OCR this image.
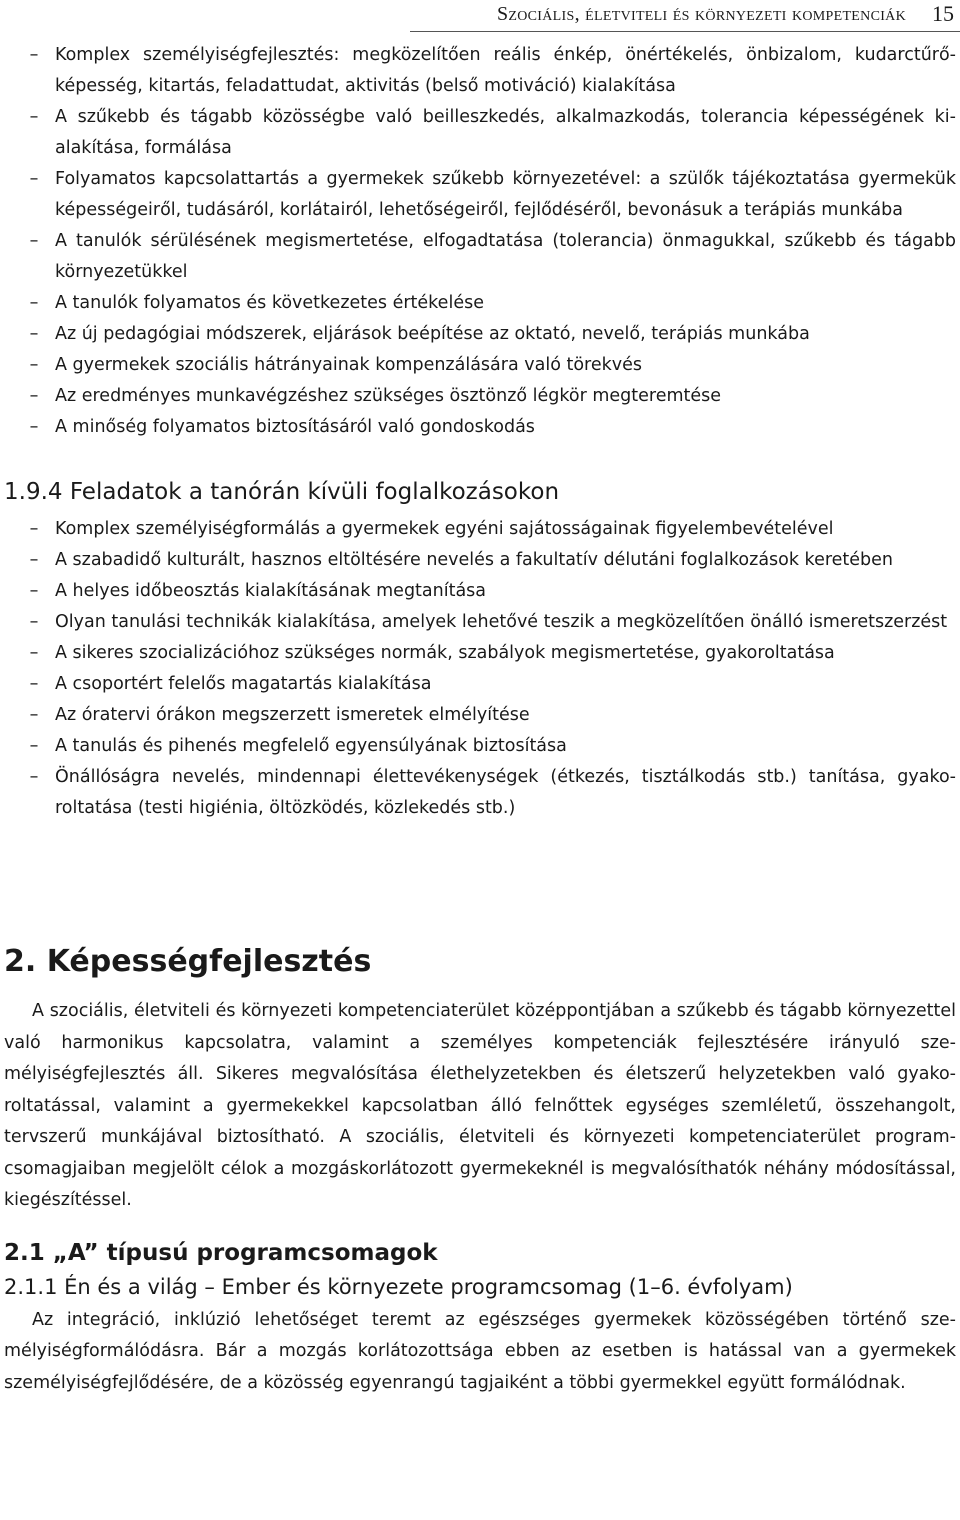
Szociális, életviteli és környezeti kompetenciák 15
– Komplex személyiségfejlesztés: megközelítően reális énkép, önértékelés, önbizalom, kudarctűrő-képesség, kitartás, feladattudat, aktivitás (belső motiváció) kialakítása
– A szűkebb és tágabb közösségbe való beilleszkedés, alkalmazkodás, tolerancia képességének kialakítása, formálása
– Folyamatos kapcsolattartás a gyermekek szűkebb környezetével: a szülők tájékoztatása gyermekük képességeiről, tudásáról, korlátairól, lehetőségeiről, fejlődéséről, bevonásuk a terápiás munkába
– A tanulók sérülésének megismertetése, elfogadtatása (tolerancia) önmagukkal, szűkebb és tágabb környezetükkel
– A tanulók folyamatos és következetes értékelése
– Az új pedagógiai módszerek, eljárások beépítése az oktató, nevelő, terápiás munkába
– A gyermekek szociális hátrányainak kompenzálására való törekvés
– Az eredményes munkavégzéshez szükséges ösztönző légkör megteremtése
– A minőség folyamatos biztosításáról való gondoskodás
1.9.4 Feladatok a tanórán kívüli foglalkozásokon
– Komplex személyiségformálás a gyermekek egyéni sajátosságainak figyelembevételével
– A szabadidő kulturált, hasznos eltöltésére nevelés a fakultatív délutáni foglalkozások keretében
– A helyes időbeosztás kialakításának megtanítása
– Olyan tanulási technikák kialakítása, amelyek lehetővé teszik a megközelítően önálló ismeretszerzést
– A sikeres szocializációhoz szükséges normák, szabályok megismertetése, gyakoroltatása
– A csoportért felelős magatartás kialakítása
– Az óratervi órákon megszerzett ismeretek elmélyítése
– A tanulás és pihenés megfelelő egyensúlyának biztosítása
– Önállóságra nevelés, mindennapi élettevékenységek (étkezés, tisztálkodás stb.) tanítása, gyakoroltatása (testi higiénia, öltözködés, közlekedés stb.)
2. Képességfejlesztés

A szociális, életviteli és környezeti kompetenciaterület középpontjában a szűkebb és tágabb környezettel való harmonikus kapcsolatra, valamint a személyes kompetenciák fejlesztésére irányuló személyiségfejlesztés áll. Sikeres megvalósítása élethelyzetekben és életszerű helyzetekben való gyakoroltatással, valamint a gyermekekkel kapcsolatban álló felnőttek egységes szemléletű, összehangolt, tervszerű munkájával biztosítható. A szociális, életviteli és környezeti kompetenciaterület programcsomagjaiban megjelölt célok a mozgáskorlátozott gyermekeknél is megvalósíthatók néhány módosítással, kiegészítéssel.

2.1 „A” típusú programcsomagok
2.1.1 Én és a világ – Ember és környezete programcsomag (1–6. évfolyam)

Az integráció, inklúzió lehetőséget teremt az egészséges gyermekek közösségében történő személyiségformálódásra. Bár a mozgás korlátozottsága ebben az esetben is hatással van a gyermekek személyiségfejlődésére, de a közösség egyenrangú tagjaiként a többi gyermekkel együtt formálódnak.
